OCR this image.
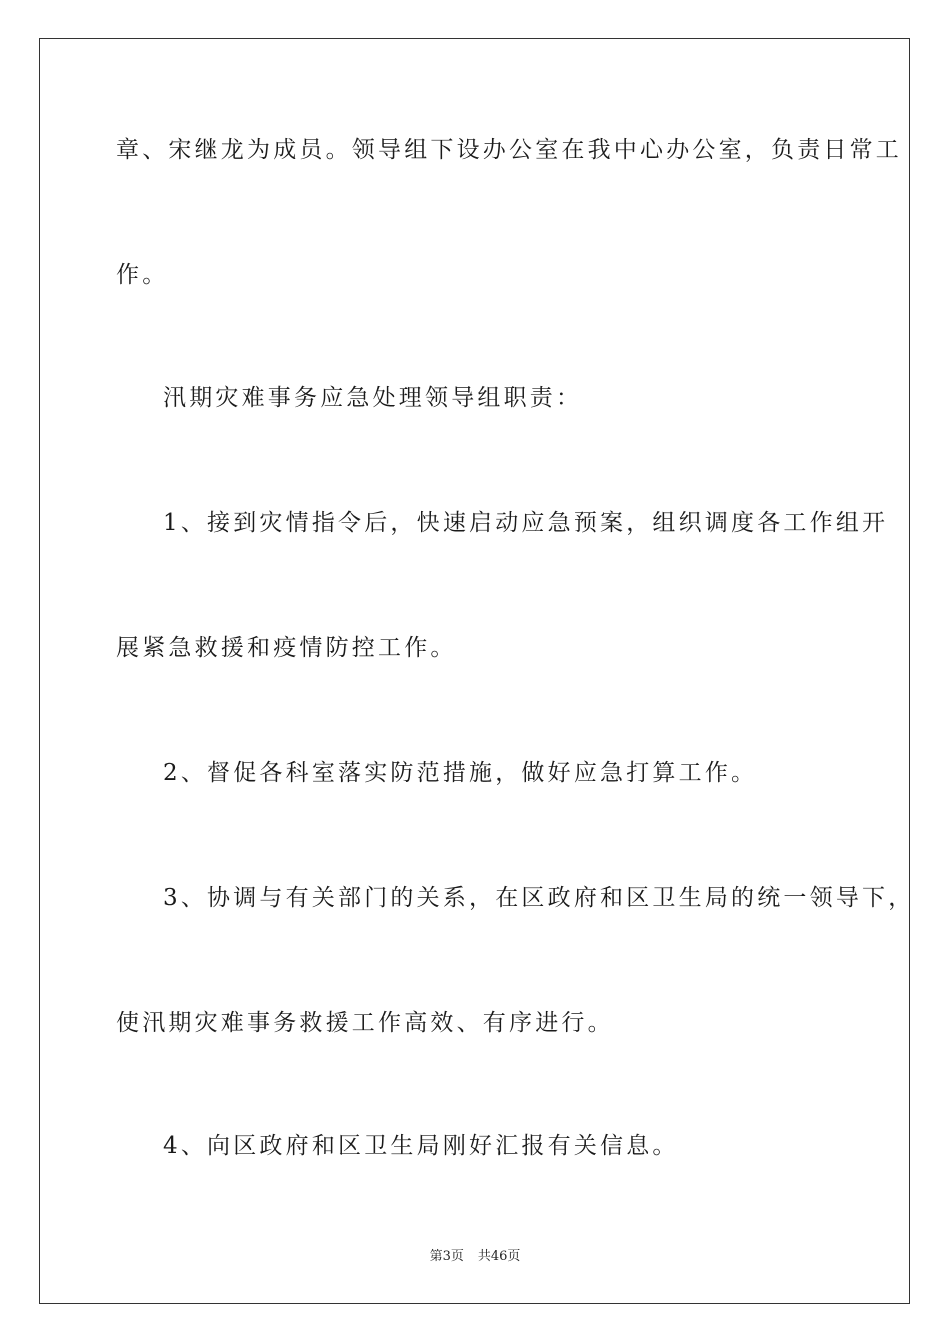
章、宋继龙为成员。领导组下设办公室在我中心办公室，负责日常工
作。
汛期灾难事务应急处理领导组职责：
1、接到灾情指令后，快速启动应急预案，组织调度各工作组开
展紧急救援和疫情防控工作。
2、督促各科室落实防范措施，做好应急打算工作。
3、协调与有关部门的关系，在区政府和区卫生局的统一领导下，
使汛期灾难事务救援工作高效、有序进行。
4、向区政府和区卫生局刚好汇报有关信息。
第3页 共46页
